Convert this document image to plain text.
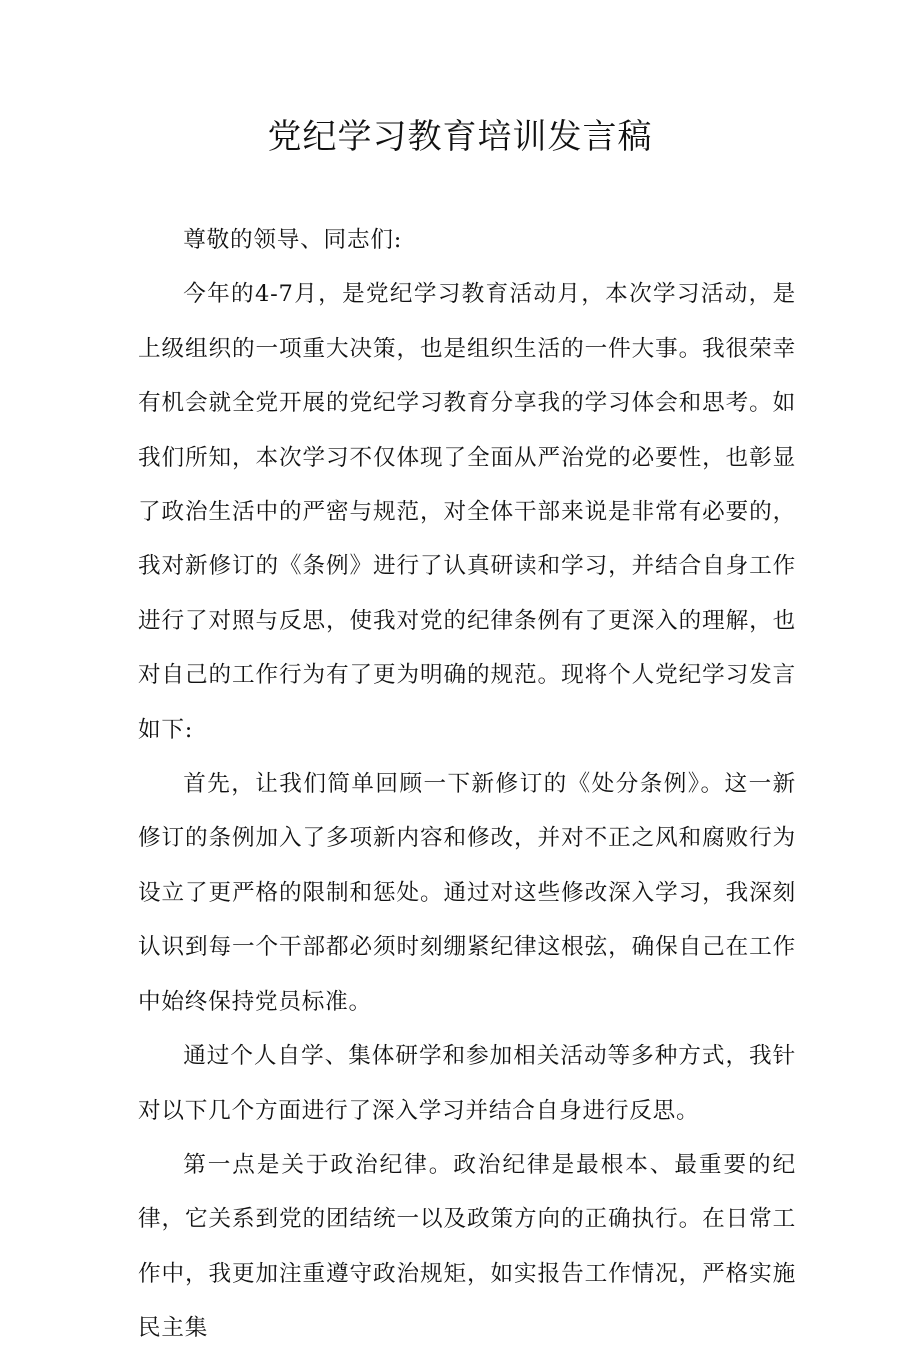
党纪学习教育培训发言稿

尊敬的领导、同志们:

今年的4-7月，是党纪学习教育活动月，本次学习活动，是上级组织的一项重大决策，也是组织生活的一件大事。我很荣幸有机会就全党开展的党纪学习教育分享我的学习体会和思考。如我们所知，本次学习不仅体现了全面从严治党的必要性，也彰显了政治生活中的严密与规范，对全体干部来说是非常有必要的，我对新修订的《条例》进行了认真研读和学习，并结合自身工作进行了对照与反思，使我对党的纪律条例有了更深入的理解，也对自己的工作行为有了更为明确的规范。现将个人党纪学习发言如下:

首先，让我们简单回顾一下新修订的《处分条例》。这一新修订的条例加入了多项新内容和修改，并对不正之风和腐败行为设立了更严格的限制和惩处。通过对这些修改深入学习，我深刻认识到每一个干部都必须时刻绷紧纪律这根弦，确保自己在工作中始终保持党员标准。

通过个人自学、集体研学和参加相关活动等多种方式，我针对以下几个方面进行了深入学习并结合自身进行反思。

第一点是关于政治纪律。政治纪律是最根本、最重要的纪律，它关系到党的团结统一以及政策方向的正确执行。在日常工作中，我更加注重遵守政治规矩，如实报告工作情况，严格实施民主集
